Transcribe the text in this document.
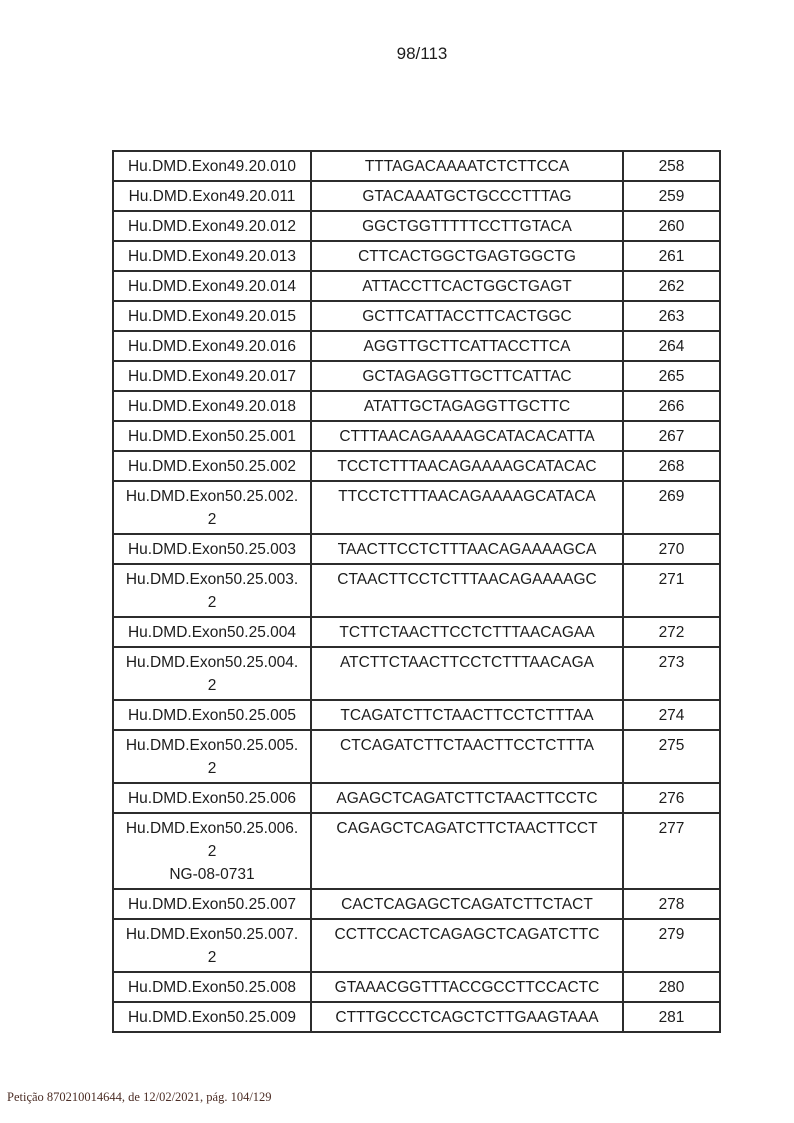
98/113
Hu.DMD.Exon49.20.010	TTTAGACAAAATCTCTTCCA	258
Hu.DMD.Exon49.20.011	GTACAAATGCTGCCCTTTAG	259
Hu.DMD.Exon49.20.012	GGCTGGTTTTTCCTTGTACA	260
Hu.DMD.Exon49.20.013	CTTCACTGGCTGAGTGGCTG	261
Hu.DMD.Exon49.20.014	ATTACCTTCACTGGCTGAGT	262
Hu.DMD.Exon49.20.015	GCTTCATTACCTTCACTGGC	263
Hu.DMD.Exon49.20.016	AGGTTGCTTCATTACCTTCA	264
Hu.DMD.Exon49.20.017	GCTAGAGGTTGCTTCATTAC	265
Hu.DMD.Exon49.20.018	ATATTGCTAGAGGTTGCTTC	266
Hu.DMD.Exon50.25.001	CTTTAACAGAAAAGCATACACATTA	267
Hu.DMD.Exon50.25.002	TCCTCTTTAACAGAAAAGCATACAC	268
Hu.DMD.Exon50.25.002.
2	TTCCTCTTTAACAGAAAAGCATACA	269
Hu.DMD.Exon50.25.003	TAACTTCCTCTTTAACAGAAAAGCA	270
Hu.DMD.Exon50.25.003.
2	CTAACTTCCTCTTTAACAGAAAAGC	271
Hu.DMD.Exon50.25.004	TCTTCTAACTTCCTCTTTAACAGAA	272
Hu.DMD.Exon50.25.004.
2	ATCTTCTAACTTCCTCTTTAACAGA	273
Hu.DMD.Exon50.25.005	TCAGATCTTCTAACTTCCTCTTTAA	274
Hu.DMD.Exon50.25.005.
2	CTCAGATCTTCTAACTTCCTCTTTA	275
Hu.DMD.Exon50.25.006	AGAGCTCAGATCTTCTAACTTCCTC	276
Hu.DMD.Exon50.25.006.
2
NG-08-0731	CAGAGCTCAGATCTTCTAACTTCCT	277
Hu.DMD.Exon50.25.007	CACTCAGAGCTCAGATCTTCTACT	278
Hu.DMD.Exon50.25.007.
2	CCTTCCACTCAGAGCTCAGATCTTC	279
Hu.DMD.Exon50.25.008	GTAAACGGTTTACCGCCTTCCACTC	280
Hu.DMD.Exon50.25.009	CTTTGCCCTCAGCTCTTGAAGTAAA	281
Petição 870210014644, de 12/02/2021, pág. 104/129
